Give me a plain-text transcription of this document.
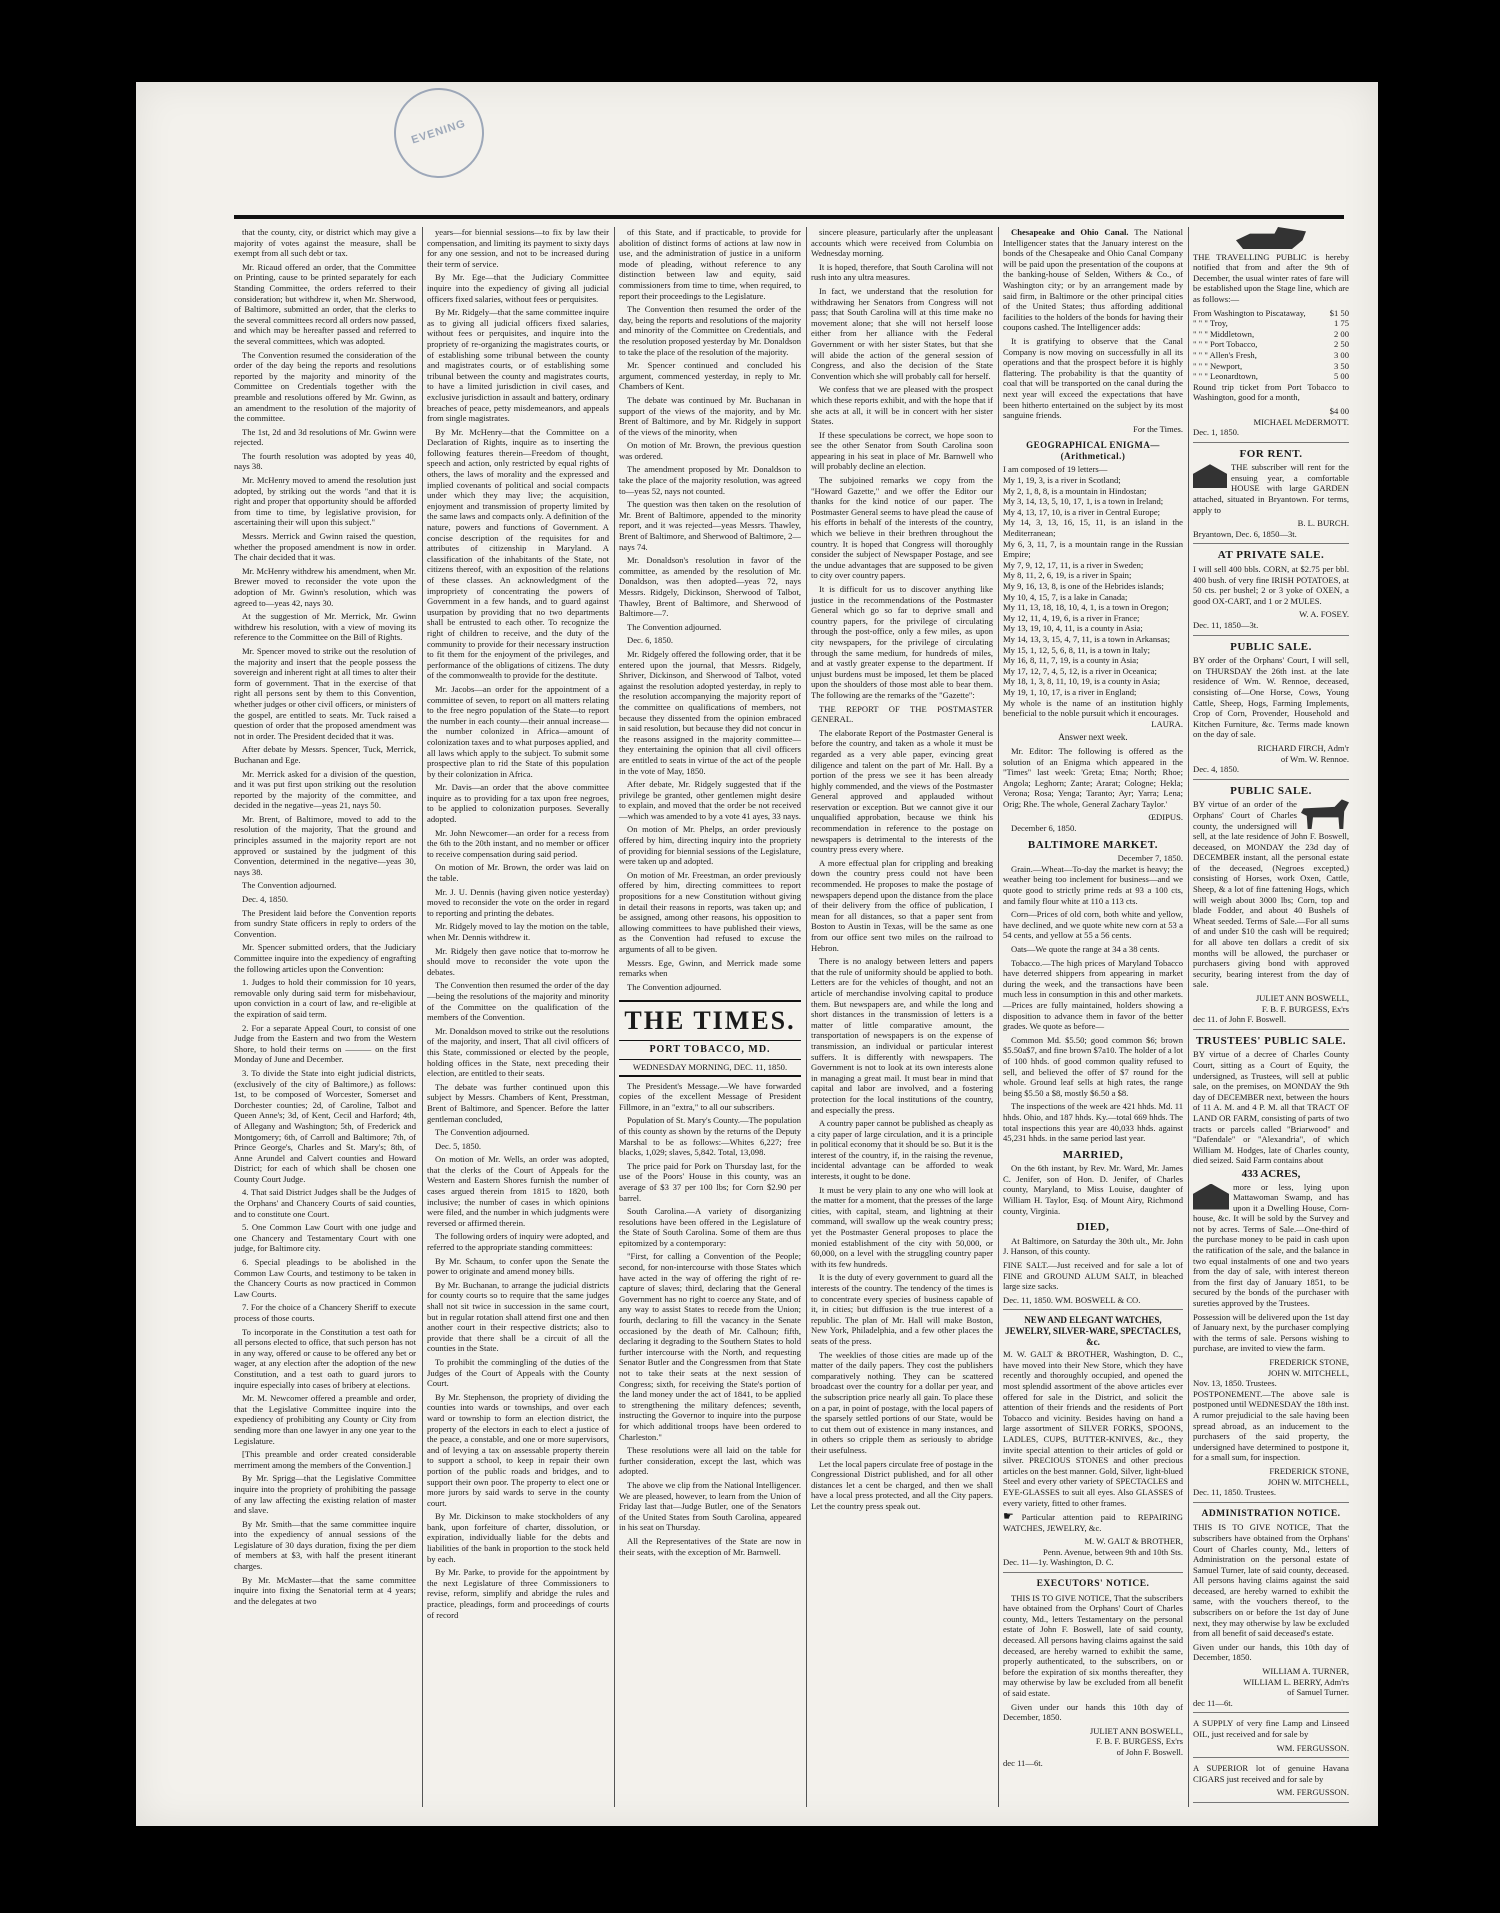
EVENING

that the county, city, or district which may give a majority of votes against the measure, shall be exempt from all such debt or tax.

Mr. Ricaud offered an order, that the Committee on Printing, cause to be printed separately for each Standing Committee, the orders referred to their consideration; but withdrew it, when Mr. Sherwood, of Baltimore, submitted an order, that the clerks to the several committees record all orders now passed, and which may be hereafter passed and referred to the several committees, which was adopted.

The Convention resumed the consideration of the order of the day being the reports and resolutions reported by the majority and minority of the Committee on Credentials together with the preamble and resolutions offered by Mr. Gwinn, as an amendment to the resolution of the majority of the committee.

The 1st, 2d and 3d resolutions of Mr. Gwinn were rejected.

The fourth resolution was adopted by yeas 40, nays 38.

Mr. McHenry moved to amend the resolution just adopted, by striking out the words "and that it is right and proper that opportunity should be afforded from time to time, by legislative provision, for ascertaining their will upon this subject."

Messrs. Merrick and Gwinn raised the question, whether the proposed amendment is now in order. The chair decided that it was.

Mr. McHenry withdrew his amendment, when Mr. Brewer moved to reconsider the vote upon the adoption of Mr. Gwinn's resolution, which was agreed to—yeas 42, nays 30.

At the suggestion of Mr. Merrick, Mr. Gwinn withdrew his resolution, with a view of moving its reference to the Committee on the Bill of Rights.

Mr. Spencer moved to strike out the resolution of the majority and insert that the people possess the sovereign and inherent right at all times to alter their form of government. That in the exercise of that right all persons sent by them to this Convention, whether judges or other civil officers, or ministers of the gospel, are entitled to seats. Mr. Tuck raised a question of order that the proposed amendment was not in order. The President decided that it was.

After debate by Messrs. Spencer, Tuck, Merrick, Buchanan and Ege.

Mr. Merrick asked for a division of the question, and it was put first upon striking out the resolution reported by the majority of the committee, and decided in the negative—yeas 21, nays 50.

Mr. Brent, of Baltimore, moved to add to the resolution of the majority, That the ground and principles assumed in the majority report are not approved or sustained by the judgment of this Convention, determined in the negative—yeas 30, nays 38.

The Convention adjourned.

Dec. 4, 1850.

The President laid before the Convention reports from sundry State officers in reply to orders of the Convention.

Mr. Spencer submitted orders, that the Judiciary Committee inquire into the expediency of engrafting the following articles upon the Convention:

1. Judges to hold their commission for 10 years, removable only during said term for misbehaviour, upon conviction in a court of law, and re-eligible at the expiration of said term.

2. For a separate Appeal Court, to consist of one Judge from the Eastern and two from the Western Shore, to hold their terms on ——— on the first Monday of June and December.

3. To divide the State into eight judicial districts, (exclusively of the city of Baltimore,) as follows: 1st, to be composed of Worcester, Somerset and Dorchester counties; 2d, of Caroline, Talbot and Queen Anne's; 3d, of Kent, Cecil and Harford; 4th, of Allegany and Washington; 5th, of Frederick and Montgomery; 6th, of Carroll and Baltimore; 7th, of Prince George's, Charles and St. Mary's; 8th, of Anne Arundel and Calvert counties and Howard District; for each of which shall be chosen one County Court Judge.

4. That said District Judges shall be the Judges of the Orphans' and Chancery Courts of said counties, and to constitute one Court.

5. One Common Law Court with one judge and one Chancery and Testamentary Court with one judge, for Baltimore city.

6. Special pleadings to be abolished in the Common Law Courts, and testimony to be taken in the Chancery Courts as now practiced in Common Law Courts.

7. For the choice of a Chancery Sheriff to execute process of those courts.

To incorporate in the Constitution a test oath for all persons elected to office, that such person has not in any way, offered or cause to be offered any bet or wager, at any election after the adoption of the new Constitution, and a test oath to guard jurors to inquire especially into cases of bribery at elections.

Mr. M. Newcomer offered a preamble and order, that the Legislative Committee inquire into the expediency of prohibiting any County or City from sending more than one lawyer in any one year to the Legislature.

[This preamble and order created considerable merriment among the members of the Convention.]

By Mr. Sprigg—that the Legislative Committee inquire into the propriety of prohibiting the passage of any law affecting the existing relation of master and slave.

By Mr. Smith—that the same committee inquire into the expediency of annual sessions of the Legislature of 30 days duration, fixing the per diem of members at $3, with half the present itinerant charges.

By Mr. McMaster—that the same committee inquire into fixing the Senatorial term at 4 years; and the delegates at two

years—for biennial sessions—to fix by law their compensation, and limiting its payment to sixty days for any one session, and not to be increased during their term of service.

By Mr. Ege—that the Judiciary Committee inquire into the expediency of giving all judicial officers fixed salaries, without fees or perquisites.

By Mr. Ridgely—that the same committee inquire as to giving all judicial officers fixed salaries, without fees or perquisites, and inquire into the propriety of re-organizing the magistrates courts, or of establishing some tribunal between the county and magistrates courts, or of establishing some tribunal between the county and magistrates courts, to have a limited jurisdiction in civil cases, and exclusive jurisdiction in assault and battery, ordinary breaches of peace, petty misdemeanors, and appeals from single magistrates.

By Mr. McHenry—that the Committee on a Declaration of Rights, inquire as to inserting the following features therein—Freedom of thought, speech and action, only restricted by equal rights of others, the laws of morality and the expressed and implied covenants of political and social compacts under which they may live; the acquisition, enjoyment and transmission of property limited by the same laws and compacts only. A definition of the nature, powers and functions of Government. A concise description of the requisites for and attributes of citizenship in Maryland. A classification of the inhabitants of the State, not citizens thereof, with an exposition of the relations of these classes. An acknowledgment of the impropriety of concentrating the powers of Government in a few hands, and to guard against usurpation by providing that no two departments shall be entrusted to each other. To recognize the right of children to receive, and the duty of the community to provide for their necessary instruction to fit them for the enjoyment of the privileges, and performance of the obligations of citizens. The duty of the commonwealth to provide for the destitute.

Mr. Jacobs—an order for the appointment of a committee of seven, to report on all matters relating to the free negro population of the State—to report the number in each county—their annual increase—the number colonized in Africa—amount of colonization taxes and to what purposes applied, and all laws which apply to the subject. To submit some prospective plan to rid the State of this population by their colonization in Africa.

Mr. Davis—an order that the above committee inquire as to providing for a tax upon free negroes, to be applied to colonization purposes. Severally adopted.

Mr. John Newcomer—an order for a recess from the 6th to the 20th instant, and no member or officer to receive compensation during said period.

On motion of Mr. Brown, the order was laid on the table.

Mr. J. U. Dennis (having given notice yesterday) moved to reconsider the vote on the order in regard to reporting and printing the debates.

Mr. Ridgely moved to lay the motion on the table, when Mr. Dennis withdrew it.

Mr. Ridgely then gave notice that to-morrow he should move to reconsider the vote upon the debates.

The Convention then resumed the order of the day—being the resolutions of the majority and minority of the Committee on the qualification of the members of the Convention.

Mr. Donaldson moved to strike out the resolutions of the majority, and insert, That all civil officers of this State, commissioned or elected by the people, holding offices in the State, next preceding their election, are entitled to their seats.

The debate was further continued upon this subject by Messrs. Chambers of Kent, Presstman, Brent of Baltimore, and Spencer. Before the latter gentleman concluded,

The Convention adjourned.

Dec. 5, 1850.

On motion of Mr. Wells, an order was adopted, that the clerks of the Court of Appeals for the Western and Eastern Shores furnish the number of cases argued therein from 1815 to 1820, both inclusive; the number of cases in which opinions were filed, and the number in which judgments were reversed or affirmed therein.

The following orders of inquiry were adopted, and referred to the appropriate standing committees:

By Mr. Schaum, to confer upon the Senate the power to originate and amend money bills.

By Mr. Buchanan, to arrange the judicial districts for county courts so to require that the same judges shall not sit twice in succession in the same court, but in regular rotation shall attend first one and then another court in their respective districts; also to provide that there shall be a circuit of all the counties in the State.

To prohibit the commingling of the duties of the Judges of the Court of Appeals with the County Court.

By Mr. Stephenson, the propriety of dividing the counties into wards or townships, and over each ward or township to form an election district, the property of the electors in each to elect a justice of the peace, a constable, and one or more supervisors, and of levying a tax on assessable property therein to support a school, to keep in repair their own portion of the public roads and bridges, and to support their own poor. The property to elect one or more jurors by said wards to serve in the county court.

By Mr. Dickinson to make stockholders of any bank, upon forfeiture of charter, dissolution, or expiration, individually liable for the debts and liabilities of the bank in proportion to the stock held by each.

By Mr. Parke, to provide for the appointment by the next Legislature of three Commissioners to revise, reform, simplify and abridge the rules and practice, pleadings, form and proceedings of courts of record

of this State, and if practicable, to provide for abolition of distinct forms of actions at law now in use, and the administration of justice in a uniform mode of pleading, without reference to any distinction between law and equity, said commissioners from time to time, when required, to report their proceedings to the Legislature.

The Convention then resumed the order of the day, being the reports and resolutions of the majority and minority of the Committee on Credentials, and the resolution proposed yesterday by Mr. Donaldson to take the place of the resolution of the majority.

Mr. Spencer continued and concluded his argument, commenced yesterday, in reply to Mr. Chambers of Kent.

The debate was continued by Mr. Buchanan in support of the views of the majority, and by Mr. Brent of Baltimore, and by Mr. Ridgely in support of the views of the minority, when

On motion of Mr. Brown, the previous question was ordered.

The amendment proposed by Mr. Donaldson to take the place of the majority resolution, was agreed to—yeas 52, nays not counted.

The question was then taken on the resolution of Mr. Brent of Baltimore, appended to the minority report, and it was rejected—yeas Messrs. Thawley, Brent of Baltimore, and Sherwood of Baltimore, 2—nays 74.

Mr. Donaldson's resolution in favor of the committee, as amended by the resolution of Mr. Donaldson, was then adopted—yeas 72, nays Messrs. Ridgely, Dickinson, Sherwood of Talbot, Thawley, Brent of Baltimore, and Sherwood of Baltimore—7.

The Convention adjourned.

Dec. 6, 1850.

Mr. Ridgely offered the following order, that it be entered upon the journal, that Messrs. Ridgely, Shriver, Dickinson, and Sherwood of Talbot, voted against the resolution adopted yesterday, in reply to the resolution accompanying the majority report of the committee on qualifications of members, not because they dissented from the opinion embraced in said resolution, but because they did not concur in the reasons assigned in the majority committee—they entertaining the opinion that all civil officers are entitled to seats in virtue of the act of the people in the vote of May, 1850.

After debate, Mr. Ridgely suggested that if the privilege be granted, other gentlemen might desire to explain, and moved that the order be not received—which was amended to by a vote 41 ayes, 33 nays.

On motion of Mr. Phelps, an order previously offered by him, directing inquiry into the propriety of providing for biennial sessions of the Legislature, were taken up and adopted.

On motion of Mr. Freestman, an order previously offered by him, directing committees to report propositions for a new Constitution without giving in detail their reasons in reports, was taken up; and be assigned, among other reasons, his opposition to allowing committees to have published their views, as the Convention had refused to excuse the arguments of all to be given.

Messrs. Ege, Gwinn, and Merrick made some remarks when

The Convention adjourned.

THE TIMES.
PORT TOBACCO, MD.
WEDNESDAY MORNING, DEC. 11, 1850.

The President's Message.—We have forwarded copies of the excellent Message of President Fillmore, in an "extra," to all our subscribers.

Population of St. Mary's County.—The population of this county as shown by the returns of the Deputy Marshal to be as follows:—Whites 6,227; free blacks, 1,029; slaves, 5,842. Total, 13,098.

The price paid for Pork on Thursday last, for the use of the Poors' House in this county, was an average of $3 37 per 100 lbs; for Corn $2.90 per barrel.

South Carolina.—A variety of disorganizing resolutions have been offered in the Legislature of the State of South Carolina. Some of them are thus epitomized by a contemporary:

"First, for calling a Convention of the People; second, for non-intercourse with those States which have acted in the way of offering the right of re-capture of slaves; third, declaring that the General Government has no right to coerce any State, and of any way to assist States to recede from the Union; fourth, declaring to fill the vacancy in the Senate occasioned by the death of Mr. Calhoun; fifth, declaring it degrading to the Southern States to hold further intercourse with the North, and requesting Senator Butler and the Congressmen from that State not to take their seats at the next session of Congress; sixth, for receiving the State's portion of the land money under the act of 1841, to be applied to strengthening the military defences; seventh, instructing the Governor to inquire into the purpose for which additional troops have been ordered to Charleston."

These resolutions were all laid on the table for further consideration, except the last, which was adopted.

The above we clip from the National Intelligencer. We are pleased, however, to learn from the Union of Friday last that—Judge Butler, one of the Senators of the United States from South Carolina, appeared in his seat on Thursday.

All the Representatives of the State are now in their seats, with the exception of Mr. Barnwell.

sincere pleasure, particularly after the unpleasant accounts which were received from Columbia on Wednesday morning.

It is hoped, therefore, that South Carolina will not rush into any ultra measures.

In fact, we understand that the resolution for withdrawing her Senators from Congress will not pass; that South Carolina will at this time make no movement alone; that she will not herself loose either from her alliance with the Federal Government or with her sister States, but that she will abide the action of the general session of Congress, and also the decision of the State Convention which she will probably call for herself.

We confess that we are pleased with the prospect which these reports exhibit, and with the hope that if she acts at all, it will be in concert with her sister States.

If these speculations be correct, we hope soon to see the other Senator from South Carolina soon appearing in his seat in place of Mr. Barnwell who will probably decline an election.

The subjoined remarks we copy from the "Howard Gazette," and we offer the Editor our thanks for the kind notice of our paper. The Postmaster General seems to have plead the cause of his efforts in behalf of the interests of the country, which we believe in their brethren throughout the country. It is hoped that Congress will thoroughly consider the subject of Newspaper Postage, and see the undue advantages that are supposed to be given to city over country papers.

It is difficult for us to discover anything like justice in the recommendations of the Postmaster General which go so far to deprive small and country papers, for the privilege of circulating through the post-office, only a few miles, as upon city newspapers, for the privilege of circulating through the same medium, for hundreds of miles, and at vastly greater expense to the department. If unjust burdens must be imposed, let them be placed upon the shoulders of those most able to bear them. The following are the remarks of the "Gazette":

THE REPORT OF THE POSTMASTER GENERAL.

The elaborate Report of the Postmaster General is before the country, and taken as a whole it must be regarded as a very able paper, evincing great diligence and talent on the part of Mr. Hall. By a portion of the press we see it has been already highly commended, and the views of the Postmaster General approved and applauded without reservation or exception. But we cannot give it our unqualified approbation, because we think his recommendation in reference to the postage on newspapers is detrimental to the interests of the country press every where.

A more effectual plan for crippling and breaking down the country press could not have been recommended. He proposes to make the postage of newspapers depend upon the distance from the place of their delivery from the office of publication, I mean for all distances, so that a paper sent from Boston to Austin in Texas, will be the same as one from our office sent two miles on the railroad to Hebron.

There is no analogy between letters and papers that the rule of uniformity should be applied to both. Letters are for the vehicles of thought, and not an article of merchandise involving capital to produce them. But newspapers are, and while the long and short distances in the transmission of letters is a matter of little comparative amount, the transportation of newspapers is on the expense of transmission, an individual or particular interest suffers. It is differently with newspapers. The Government is not to look at its own interests alone in managing a great mail. It must bear in mind that capital and labor are involved, and a fostering protection for the local institutions of the country, and especially the press.

A country paper cannot be published as cheaply as a city paper of large circulation, and it is a principle in political economy that it should be so. But it is the interest of the country, if, in the raising the revenue, incidental advantage can be afforded to weak interests, it ought to be done.

It must be very plain to any one who will look at the matter for a moment, that the presses of the large cities, with capital, steam, and lightning at their command, will swallow up the weak country press; yet the Postmaster General proposes to place the monied establishment of the city with 50,000, or 60,000, on a level with the struggling country paper with its few hundreds.

It is the duty of every government to guard all the interests of the country. The tendency of the times is to concentrate every species of business capable of it, in cities; but diffusion is the true interest of a republic. The plan of Mr. Hall will make Boston, New York, Philadelphia, and a few other places the seats of the press.

The weeklies of those cities are made up of the matter of the daily papers. They cost the publishers comparatively nothing. They can be scattered broadcast over the country for a dollar per year, and the subscription price nearly all gain. To place these on a par, in point of postage, with the local papers of the sparsely settled portions of our State, would be to cut them out of existence in many instances, and in others so cripple them as seriously to abridge their usefulness.

Let the local papers circulate free of postage in the Congressional District published, and for all other distances let a cent be charged, and then we shall have a local press protected, and all the City papers. Let the country press speak out.

Chesapeake and Ohio Canal. The National Intelligencer states that the January interest on the bonds of the Chesapeake and Ohio Canal Company will be paid upon the presentation of the coupons at the banking-house of Selden, Withers & Co., of Washington city; or by an arrangement made by said firm, in Baltimore or the other principal cities of the United States; thus affording additional facilities to the holders of the bonds for having their coupons cashed. The Intelligencer adds:

It is gratifying to observe that the Canal Company is now moving on successfully in all its operations and that the prospect before it is highly flattering. The probability is that the quantity of coal that will be transported on the canal during the next year will exceed the expectations that have been hitherto entertained on the subject by its most sanguine friends.

For the Times.
GEOGRAPHICAL ENIGMA—(Arithmetical.)
I am composed of 19 letters—
My 1, 19, 3, is a river in Scotland;
My 2, 1, 8, 8, is a mountain in Hindostan;
My 3, 14, 13, 5, 10, 17, 1, is a town in Ireland;
My 4, 13, 17, 10, is a river in Central Europe;
My 14, 3, 13, 16, 15, 11, is an island in the Mediterranean;
My 6, 3, 11, 7, is a mountain range in the Russian Empire;
My 7, 9, 12, 17, 11, is a river in Sweden;
My 8, 11, 2, 6, 19, is a river in Spain;
My 9, 16, 13, 8, is one of the Hebrides islands;
My 10, 4, 15, 7, is a lake in Canada;
My 11, 13, 18, 18, 10, 4, 1, is a town in Oregon;
My 12, 11, 4, 19, 6, is a river in France;
My 13, 19, 10, 4, 11, is a county in Asia;
My 14, 13, 3, 15, 4, 7, 11, is a town in Arkansas;
My 15, 1, 12, 5, 6, 8, 11, is a town in Italy;
My 16, 8, 11, 7, 19, is a county in Asia;
My 17, 12, 7, 4, 5, 12, is a river in Oceanica;
My 18, 1, 3, 8, 11, 10, 19, is a county in Asia;
My 19, 1, 10, 17, is a river in England;
My whole is the name of an institution highly beneficial to the noble pursuit which it encourages.
LAURA.
Answer next week.

Mr. Editor: The following is offered as the solution of an Enigma which appeared in the "Times" last week: 'Greta; Etna; North; Rhoe; Angola; Leghorn; Zante; Ararat; Cologne; Hekla; Verona; Rosa; Yenga; Taranto; Ayr; Yarra; Lena; Orig; Rhe. The whole, General Zachary Taylor.'

ŒDIPUS.

December 6, 1850.

BALTIMORE MARKET.
December 7, 1850.

Grain.—Wheat—To-day the market is heavy; the weather being too inclement for business—and we quote good to strictly prime reds at 93 a 100 cts, and family flour white at 110 a 113 cts.

Corn—Prices of old corn, both white and yellow, have declined, and we quote white new corn at 53 a 54 cents, and yellow at 55 a 56 cents.

Oats—We quote the range at 34 a 38 cents.

Tobacco.—The high prices of Maryland Tobacco have deterred shippers from appearing in market during the week, and the transactions have been much less in consumption in this and other markets.—Prices are fully maintained, holders showing a disposition to advance them in favor of the better grades. We quote as before—

Common Md. $5.50; good common $6; brown $5.50a$7, and fine brown $7a10. The holder of a lot of 100 hhds. of good common quality refused to sell, and believed the offer of $7 round for the whole. Ground leaf sells at high rates, the range being $5.50 a $8, mostly $6.50 a $8.

The inspections of the week are 421 hhds. Md. 11 hhds. Ohio, and 187 hhds. Ky.—total 669 hhds. The total inspections this year are 40,033 hhds. against 45,231 hhds. in the same period last year.

MARRIED,

On the 6th instant, by Rev. Mr. Ward, Mr. James C. Jenifer, son of Hon. D. Jenifer, of Charles county, Maryland, to Miss Louise, daughter of William H. Taylor, Esq. of Mount Airy, Richmond county, Virginia.

DIED,

At Baltimore, on Saturday the 30th ult., Mr. John J. Hanson, of this county.

FINE SALT.—Just received and for sale a lot of FINE and GROUND ALUM SALT, in bleached large size sacks.

Dec. 11, 1850. WM. BOSWELL & CO.
NEW AND ELEGANT WATCHES, JEWELRY, SILVER-WARE, SPECTACLES, &c.

M. W. GALT & BROTHER, Washington, D. C., have moved into their New Store, which they have recently and thoroughly occupied, and opened the most splendid assortment of the above articles ever offered for sale in the District, and solicit the attention of their friends and the residents of Port Tobacco and vicinity. Besides having on hand a large assortment of SILVER FORKS, SPOONS, LADLES, CUPS, BUTTER-KNIVES, &c., they invite special attention to their articles of gold or silver. PRECIOUS STONES and other precious articles on the best manner. Gold, Silver, light-blued Steel and every other variety of SPECTACLES and EYE-GLASSES to suit all eyes. Also GLASSES of every variety, fitted to other frames.

☛ Particular attention paid to REPAIRING WATCHES, JEWELRY, &c.

M. W. GALT & BROTHER,
Penn. Avenue, between 9th and 10th Sts.
Dec. 11—1y. Washington, D. C.
EXECUTORS' NOTICE.

THIS IS TO GIVE NOTICE, That the subscribers have obtained from the Orphans' Court of Charles county, Md., letters Testamentary on the personal estate of John F. Boswell, late of said county, deceased. All persons having claims against the said deceased, are hereby warned to exhibit the same, properly authenticated, to the subscribers, on or before the expiration of six months thereafter, they may otherwise by law be excluded from all benefit of said estate.

Given under our hands this 10th day of December, 1850.

JULIET ANN BOSWELL,
F. B. F. BURGESS, Ex'rs
of John F. Boswell.
dec 11—6t.

THE TRAVELLING PUBLIC is hereby notified that from and after the 9th of December, the usual winter rates of fare will be established upon the Stage line, which are as follows:—

From Washington to Piscataway,	$1 50
" " " Troy,	1 75
" " " Middletown,	2 00
" " " Port Tobacco,	2 50
" " " Allen's Fresh,	3 00
" " " Newport,	3 50
" " " Leonardtown,	5 00

Round trip ticket from Port Tobacco to Washington, good for a month,

$4 00
MICHAEL McDERMOTT.
Dec. 1, 1850.
FOR RENT.

THE subscriber will rent for the ensuing year, a comfortable HOUSE with large GARDEN attached, situated in Bryantown. For terms, apply to

B. L. BURCH.
Bryantown, Dec. 6, 1850—3t.
AT PRIVATE SALE.

I will sell 400 bbls. CORN, at $2.75 per bbl. 400 bush. of very fine IRISH POTATOES, at 50 cts. per bushel; 2 or 3 yoke of OXEN, a good OX-CART, and 1 or 2 MULES.

W. A. FOSEY.
Dec. 11, 1850—3t.
PUBLIC SALE.

BY order of the Orphans' Court, I will sell, on THURSDAY the 26th inst. at the late residence of Wm. W. Rennoe, deceased, consisting of—One Horse, Cows, Young Cattle, Sheep, Hogs, Farming Implements, Crop of Corn, Provender, Household and Kitchen Furniture, &c. Terms made known on the day of sale.

RICHARD FIRCH, Adm'r
of Wm. W. Rennoe.
Dec. 4, 1850.
PUBLIC SALE.

BY virtue of an order of the Orphans' Court of Charles county, the undersigned will sell, at the late residence of John F. Boswell, deceased, on MONDAY the 23d day of DECEMBER instant, all the personal estate of the deceased, (Negroes excepted,) consisting of Horses, work Oxen, Cattle, Sheep, & a lot of fine fattening Hogs, which will weigh about 3000 lbs; Corn, top and blade Fodder, and about 40 Bushels of Wheat seeded. Terms of Sale.—For all sums of and under $10 the cash will be required; for all above ten dollars a credit of six months will be allowed, the purchaser or purchasers giving bond with approved security, bearing interest from the day of sale.

JULIET ANN BOSWELL,
F. B. F. BURGESS, Ex'rs
dec 11. of John F. Boswell.
TRUSTEES' PUBLIC SALE.

BY virtue of a decree of Charles County Court, sitting as a Court of Equity, the undersigned, as Trustees, will sell at public sale, on the premises, on MONDAY the 9th day of DECEMBER next, between the hours of 11 A. M. and 4 P. M. all that TRACT OF LAND OR FARM, consisting of parts of two tracts or parcels called "Briarwood" and "Dafendale" or "Alexandria", of which William M. Hodges, late of Charles county, died seized. Said Farm contains about

433 ACRES,

more or less, lying upon Mattawoman Swamp, and has upon it a Dwelling House, Corn-house, &c. It will be sold by the Survey and not by acres. Terms of Sale.—One-third of the purchase money to be paid in cash upon the ratification of the sale, and the balance in two equal instalments of one and two years from the day of sale, with interest thereon from the first day of January 1851, to be secured by the bonds of the purchaser with sureties approved by the Trustees.

Possession will be delivered upon the 1st day of January next, by the purchaser complying with the terms of sale. Persons wishing to purchase, are invited to view the farm.

FREDERICK STONE,
JOHN W. MITCHELL,
Nov. 13, 1850. Trustees.

POSTPONEMENT.—The above sale is postponed until WEDNESDAY the 18th inst. A rumor prejudicial to the sale having been spread abroad, as an inducement to the purchasers of the said property, the undersigned have determined to postpone it, for a small sum, for inspection.

FREDERICK STONE,
JOHN W. MITCHELL,
Dec. 11, 1850. Trustees.
ADMINISTRATION NOTICE.

THIS IS TO GIVE NOTICE, That the subscribers have obtained from the Orphans' Court of Charles county, Md., letters of Administration on the personal estate of Samuel Turner, late of said county, deceased. All persons having claims against the said deceased, are hereby warned to exhibit the same, with the vouchers thereof, to the subscribers on or before the 1st day of June next, they may otherwise by law be excluded from all benefit of said deceased's estate.

Given under our hands, this 10th day of December, 1850.

WILLIAM A. TURNER,
WILLIAM L. BERRY, Adm'rs
of Samuel Turner.
dec 11—6t.

A SUPPLY of very fine Lamp and Linseed OIL, just received and for sale by

WM. FERGUSSON.

A SUPERIOR lot of genuine Havana CIGARS just received and for sale by

WM. FERGUSSON.
